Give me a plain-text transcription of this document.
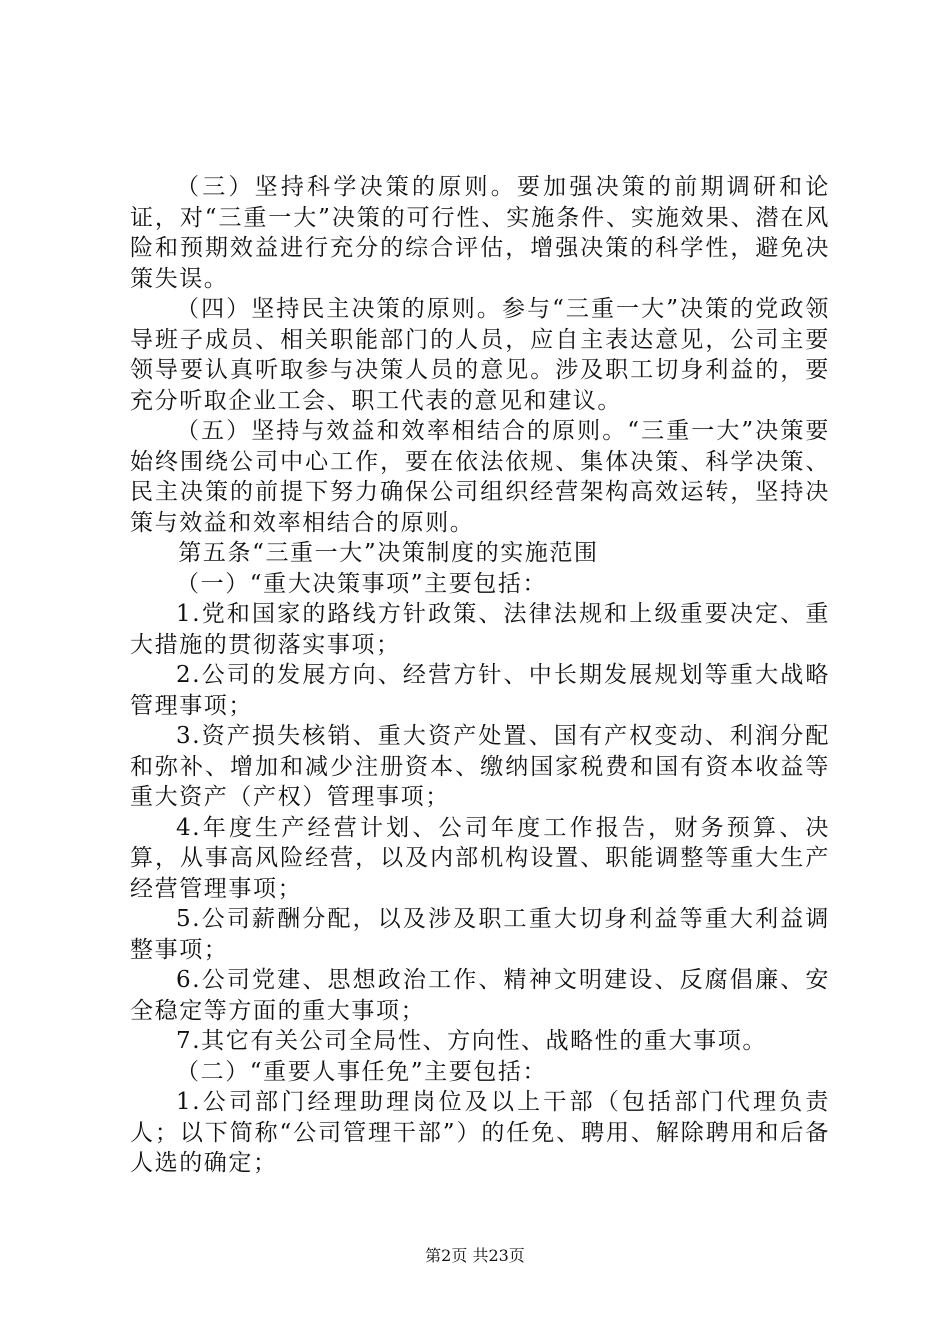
（三）坚持科学决策的原则。要加强决策的前期调研和论证，对“三重一大”决策的可行性、实施条件、实施效果、潜在风险和预期效益进行充分的综合评估，增强决策的科学性，避免决策失误。

（四）坚持民主决策的原则。参与“三重一大”决策的党政领导班子成员、相关职能部门的人员，应自主表达意见，公司主要领导要认真听取参与决策人员的意见。涉及职工切身利益的，要充分听取企业工会、职工代表的意见和建议。

（五）坚持与效益和效率相结合的原则。“三重一大”决策要始终围绕公司中心工作，要在依法依规、集体决策、科学决策、民主决策的前提下努力确保公司组织经营架构高效运转，坚持决策与效益和效率相结合的原则。

第五条“三重一大”决策制度的实施范围

（一）“重大决策事项”主要包括：

1.党和国家的路线方针政策、法律法规和上级重要决定、重大措施的贯彻落实事项；

2.公司的发展方向、经营方针、中长期发展规划等重大战略管理事项；

3.资产损失核销、重大资产处置、国有产权变动、利润分配和弥补、增加和减少注册资本、缴纳国家税费和国有资本收益等重大资产（产权）管理事项；

4.年度生产经营计划、公司年度工作报告，财务预算、决算，从事高风险经营，以及内部机构设置、职能调整等重大生产经营管理事项；

5.公司薪酬分配，以及涉及职工重大切身利益等重大利益调整事项；

6.公司党建、思想政治工作、精神文明建设、反腐倡廉、安全稳定等方面的重大事项；

7.其它有关公司全局性、方向性、战略性的重大事项。

（二）“重要人事任免”主要包括：

1.公司部门经理助理岗位及以上干部（包括部门代理负责人；以下简称“公司管理干部”）的任免、聘用、解除聘用和后备人选的确定；

第2页 共23页
